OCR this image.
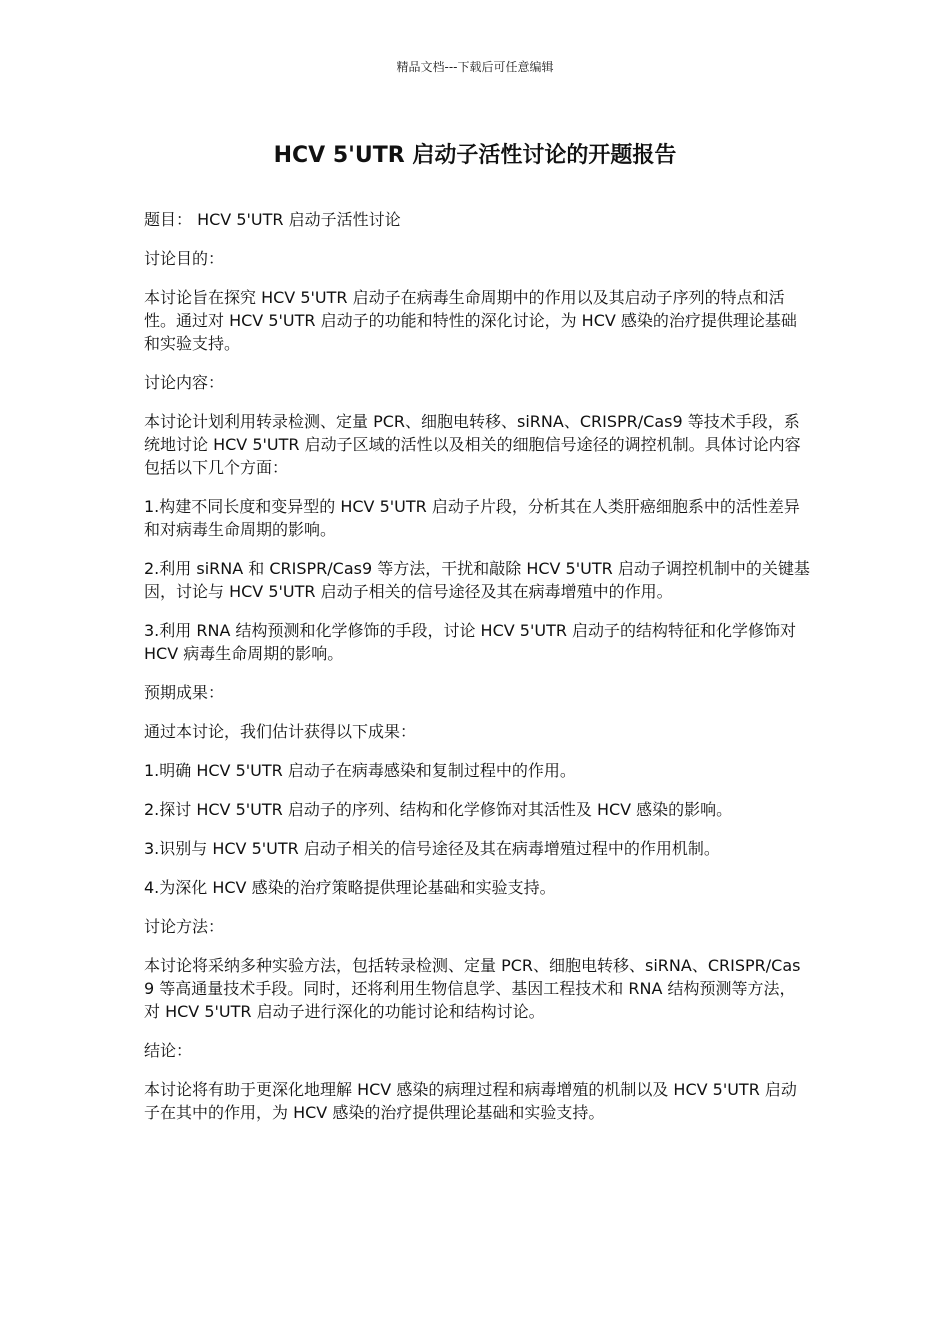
精品文档---下载后可任意编辑
HCV 5'UTR 启动子活性讨论的开题报告

题目： HCV 5'UTR 启动子活性讨论

讨论目的：

本讨论旨在探究 HCV 5'UTR 启动子在病毒生命周期中的作用以及其启动子序列的特点和活性。通过对 HCV 5'UTR 启动子的功能和特性的深化讨论，为 HCV 感染的治疗提供理论基础和实验支持。

讨论内容：

本讨论计划利用转录检测、定量 PCR、细胞电转移、siRNA、CRISPR/Cas9 等技术手段，系统地讨论 HCV 5'UTR 启动子区域的活性以及相关的细胞信号途径的调控机制。具体讨论内容包括以下几个方面：

1.构建不同长度和变异型的 HCV 5'UTR 启动子片段，分析其在人类肝癌细胞系中的活性差异和对病毒生命周期的影响。

2.利用 siRNA 和 CRISPR/Cas9 等方法，干扰和敲除 HCV 5'UTR 启动子调控机制中的关键基因，讨论与 HCV 5'UTR 启动子相关的信号途径及其在病毒增殖中的作用。

3.利用 RNA 结构预测和化学修饰的手段，讨论 HCV 5'UTR 启动子的结构特征和化学修饰对 HCV 病毒生命周期的影响。

预期成果：

通过本讨论，我们估计获得以下成果：

1.明确 HCV 5'UTR 启动子在病毒感染和复制过程中的作用。

2.探讨 HCV 5'UTR 启动子的序列、结构和化学修饰对其活性及 HCV 感染的影响。

3.识别与 HCV 5'UTR 启动子相关的信号途径及其在病毒增殖过程中的作用机制。

4.为深化 HCV 感染的治疗策略提供理论基础和实验支持。

讨论方法：

本讨论将采纳多种实验方法，包括转录检测、定量 PCR、细胞电转移、siRNA、CRISPR/Cas9 等高通量技术手段。同时，还将利用生物信息学、基因工程技术和 RNA 结构预测等方法，对 HCV 5'UTR 启动子进行深化的功能讨论和结构讨论。

结论：

本讨论将有助于更深化地理解 HCV 感染的病理过程和病毒增殖的机制以及 HCV 5'UTR 启动子在其中的作用，为 HCV 感染的治疗提供理论基础和实验支持。
